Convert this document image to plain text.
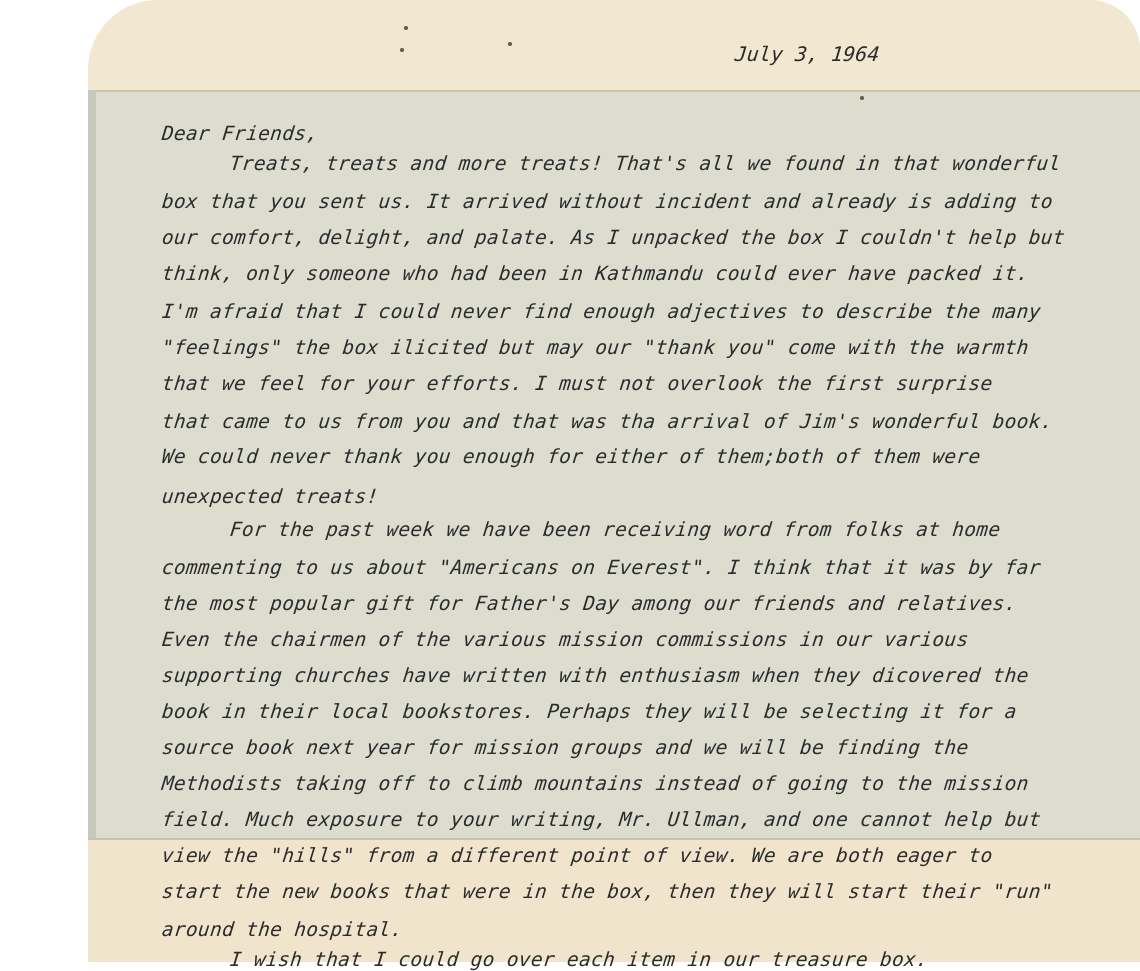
July 3, 1964
Dear Friends,
Treats, treats and more treats! That's all we found in that wonderful
box that you sent us. It arrived without incident and already is adding to
our comfort, delight, and palate. As I unpacked the box I couldn't help but
think, only someone who had been in Kathmandu could ever have packed it.
I'm afraid that I could never find enough adjectives to describe the many
"feelings" the box ilicited but may our "thank you" come with the warmth
that we feel for your efforts. I must not overlook the first surprise
that came to us from you and that was tha arrival of Jim's wonderful book.
We could never thank you enough for either of them;both of them were
unexpected treats!
For the past week we have been receiving word from folks at home
commenting to us about "Americans on Everest". I think that it was by far
the most popular gift for Father's Day among our friends and relatives.
Even the chairmen of the various mission commissions in our various
supporting churches have written with enthusiasm when they dicovered the
book in their local bookstores. Perhaps they will be selecting it for a
source book next year for mission groups and we will be finding the
Methodists taking off to climb mountains instead of going to the mission
field. Much exposure to your writing, Mr. Ullman, and one cannot help but
view the "hills" from a different point of view. We are both eager to
start the new books that were in the box, then they will start their "run"
around the hospital.
I wish that I could go over each item in our treasure box.
